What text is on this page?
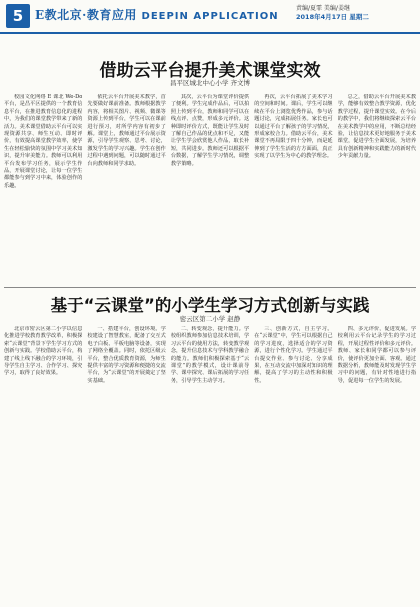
5 E教北京·教育应用 DEEPIN APPLICATION
责编/夏霏 美编/姜继
2018年4月17日 星期二
借助云平台提升美术课堂实效
昌平区城北中心小学 齐文博

校园文化网络 E 课北 We-Do 平台，是昌平区提供的一个教育信息平台，在推进教育信息化的进程中，为我们的课堂教学带来了新的活力。美术课堂借助云平台可以实现资源共享、师生互动、即时评价，有效提高课堂教学效率，使学生在轻松愉快的氛围中学习美术知识，提升审美能力。教师可以利用平台发布学习任务，展示学生作品，开展课堂讨论，让每一位学生都能参与到学习中来，体验创作的乐趣。

依托云平台开展美术教学，首先要做好课前准备。教师根据教学内容，将相关图片、视频、微课等资源上传到平台，学生可以在课前进行预习，对所学内容有初步了解。课堂上，教师通过平台展示资源，引导学生观察、思考、讨论，激发学生的学习兴趣。学生在创作过程中遇到问题，可以随时通过平台向教师和同学求助。

其次，云平台为课堂评价提供了便利。学生完成作品后，可以拍照上传到平台，教师和同学可以在线点评、点赞，形成多元评价。这种即时评价方式，既能让学生及时了解自己作品的优点和不足，又能让学生学会欣赏他人作品，取长补短，共同进步。教师还可以根据平台数据，了解学生学习情况，调整教学策略。

再次，云平台拓展了美术学习的空间和时间。课后，学生可以继续在平台上浏览优秀作品，参与话题讨论，完成拓展任务。家长也可以通过平台了解孩子的学习情况，形成家校合力。借助云平台，美术课堂不再局限于四十分钟，而是延伸到了学生生活的方方面面，真正实现了以学生为中心的教学理念。

总之，借助云平台开展美术教学，能够有效整合教学资源，优化教学过程，提升课堂实效。在今后的教学中，我们将继续探索云平台在美术教学中的应用，不断总结经验，让信息技术更好地服务于美术课堂，促进学生全面发展，为培养具有创新精神和实践能力的新时代少年贡献力量。

基于“云课堂”的小学生学习方式创新与实践
密云区第二小学 赵静

北京市密云区第二小学以信息化推进学校教育教学改革，积极探索“云课堂”背景下学生学习方式的创新与实践。学校借助云平台，构建了线上线下融合的学习环境，引导学生自主学习、合作学习、探究学习，取得了良好效果。

一、搭建平台，创设环境。学校建设了智慧教室，配备了交互式电子白板、平板电脑等设备，实现了网络全覆盖。同时，依托区级云平台，整合优质教育资源，为师生提供丰富的学习资源和便捷的交流平台，为“云课堂”的开展奠定了坚实基础。

二、转变观念，提升能力。学校组织教师参加信息技术培训，学习云平台的使用方法，转变教学观念，提升信息技术与学科教学融合的能力。教师们积极探索基于“云课堂”的教学模式，设计课前导学、课中探究、课后拓展的学习任务，引导学生主动学习。

三、创新方式，自主学习。在“云课堂”中，学生可以根据自己的学习进度，选择适合的学习资源，进行个性化学习。学生通过平台提交作业、参与讨论、分享成果，在互动交流中加深对知识的理解，提高了学习的主动性和积极性。

四、多元评价，促进发展。学校利用云平台记录学生的学习过程，开展过程性评价和多元评价。教师、家长和同学都可以参与评价，使评价更加全面、客观。通过数据分析，教师能及时发现学生学习中的问题，有针对性地进行指导，促进每一位学生的发展。
